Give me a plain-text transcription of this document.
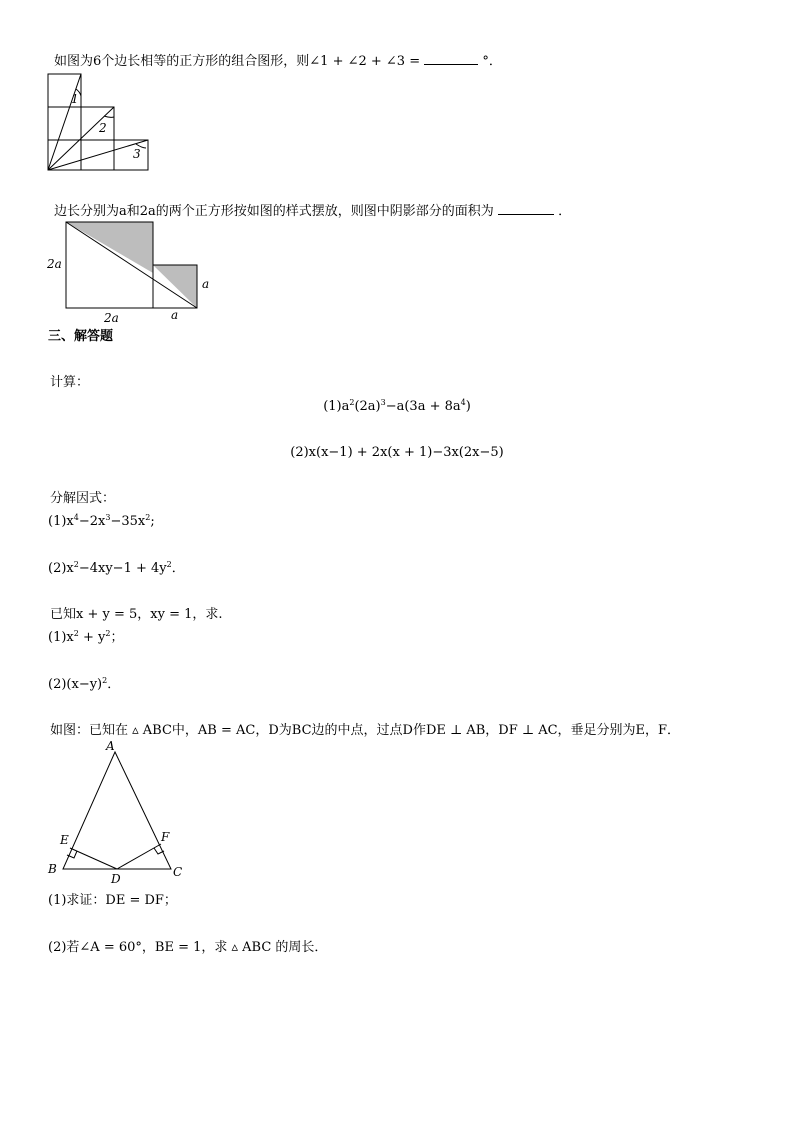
如图为6个边长相等的正方形的组合图形，则∠1 + ∠2 + ∠3 =	°．
1
2
3
边长分别为a和2a的两个正方形按如图的样式摆放，则图中阴影部分的面积为	．
2a
2a	a
a
三、解答题
计算：
$(1)a^2(2a)^3-a(3a + 8a^4)$
(2)x(x−1) + 2x(x + 1)−3x(2x−5)
分解因式：
$(1)x^4-2x^3-35x^2$;
$(2)x^2-4xy-1 + 4y^2$．
已知x + y = 5，xy = 1，求.
$(1)x^2 + y^2$；
$(2)(x-y)^2$．
如图：已知在 ▵ ABC中，AB = AC，D为BC边的中点，过点D作DE ⊥ AB，DF ⊥ AC，垂足分别为E，F．
A
B	C
D
E	F
(1)求证：DE = DF；
(2)若∠A = 60°，BE = 1，求 ▵ ABC 的周长．
